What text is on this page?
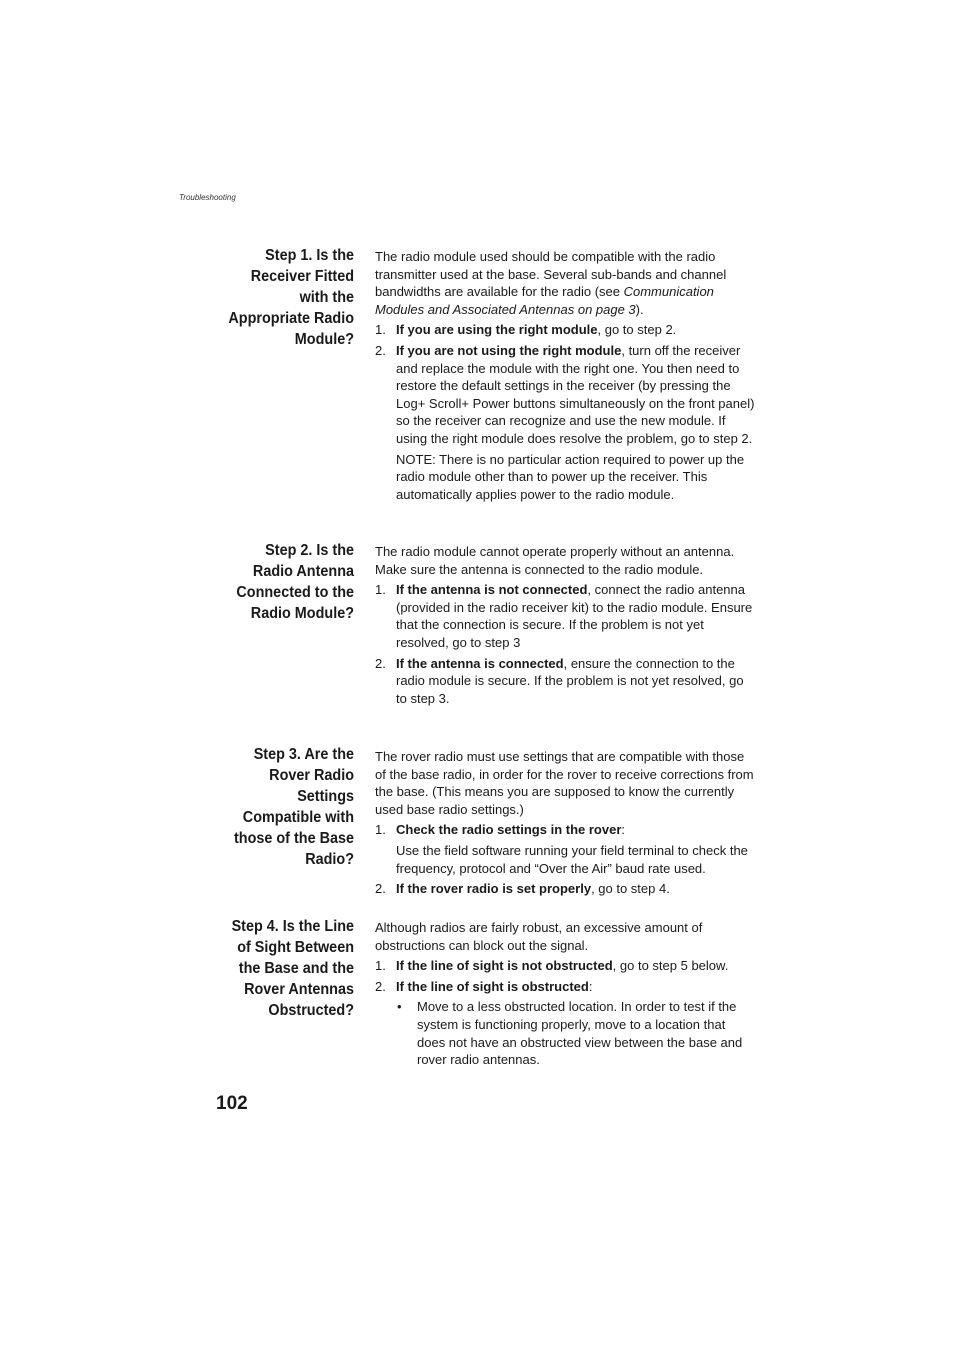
Troubleshooting
Step 1. Is the
Receiver Fitted
with the
Appropriate Radio
Module?

The radio module used should be compatible with the radio transmitter used at the base. Several sub-bands and channel bandwidths are available for the radio (see Communication Modules and Associated Antennas on page 3).

1. If you are using the right module, go to step 2.
2. If you are not using the right module, turn off the receiver and replace the module with the right one. You then need to restore the default settings in the receiver (by pressing the Log+ Scroll+ Power buttons simultaneously on the front panel) so the receiver can recognize and use the new module. If using the right module does resolve the problem, go to step 2.
NOTE: There is no particular action required to power up the radio module other than to power up the receiver. This automatically applies power to the radio module.
Step 2. Is the
Radio Antenna
Connected to the
Radio Module?

The radio module cannot operate properly without an antenna. Make sure the antenna is connected to the radio module.

1. If the antenna is not connected, connect the radio antenna (provided in the radio receiver kit) to the radio module. Ensure that the connection is secure. If the problem is not yet resolved, go to step 3
2. If the antenna is connected, ensure the connection to the radio module is secure. If the problem is not yet resolved, go to step 3.
Step 3. Are the
Rover Radio
Settings
Compatible with
those of the Base
Radio?

The rover radio must use settings that are compatible with those of the base radio, in order for the rover to receive corrections from the base. (This means you are supposed to know the currently used base radio settings.)

1. Check the radio settings in the rover:
Use the field software running your field terminal to check the frequency, protocol and “Over the Air” baud rate used.
2. If the rover radio is set properly, go to step 4.
Step 4. Is the Line
of Sight Between
the Base and the
Rover Antennas
Obstructed?

Although radios are fairly robust, an excessive amount of obstructions can block out the signal.

1. If the line of sight is not obstructed, go to step 5 below.
2. If the line of sight is obstructed:
• Move to a less obstructed location. In order to test if the system is functioning properly, move to a location that does not have an obstructed view between the base and rover radio antennas.
102
